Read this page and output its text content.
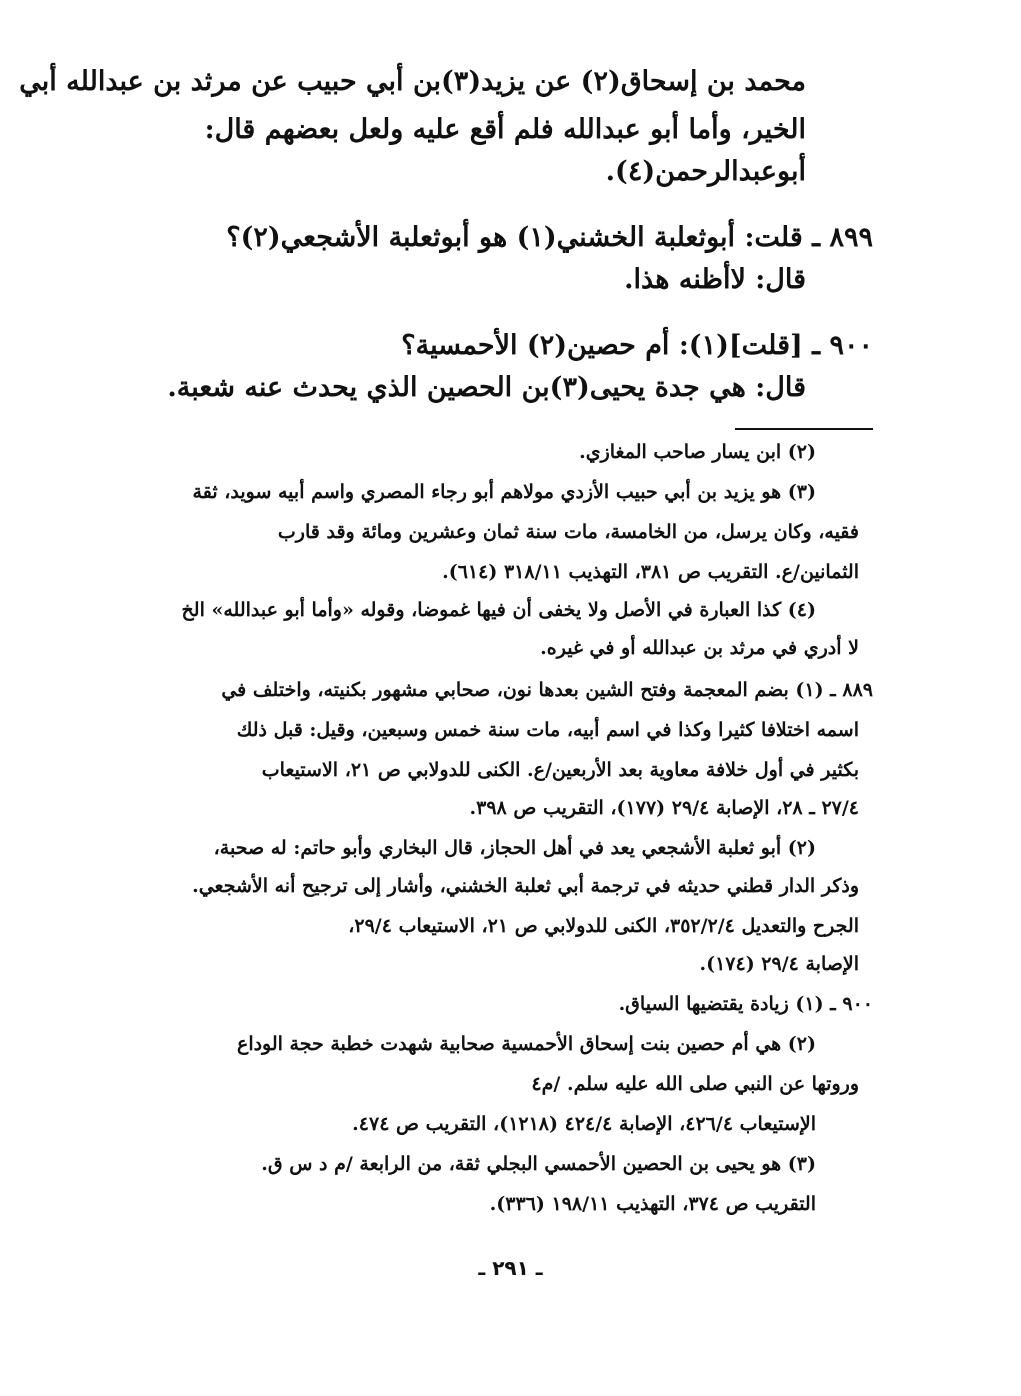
محمد بن إسحاق(٢) عن يزيد(٣)بن أبي حبيب عن مرثد بن عبدالله أبي
الخير، وأما أبو عبدالله فلم أقع عليه ولعل بعضهم قال:
أبوعبدالرحمن(٤).
٨٩٩ ـ قلت: أبوثعلبة الخشني(١) هو أبوثعلبة الأشجعي(٢)؟
قال: لاأظنه هذا.
٩٠٠ ـ [قلت](١): أم حصين(٢) الأحمسية؟
قال: هي جدة يحيى(٣)بن الحصين الذي يحدث عنه شعبة.
(٢) ابن يسار صاحب المغازي.
(٣) هو يزيد بن أبي حبيب الأزدي مولاهم أبو رجاء المصري واسم أبيه سويد، ثقة
فقيه، وكان يرسل، من الخامسة، مات سنة ثمان وعشرين ومائة وقد قارب
الثمانين/ع. التقريب ص ٣٨١، التهذيب ٣١٨/١١ (٦١٤).
(٤) كذا العبارة في الأصل ولا يخفى أن فيها غموضا، وقوله «وأما أبو عبدالله» الخ
لا أدري في مرثد بن عبدالله أو في غيره.
٨٨٩ ـ (١) بضم المعجمة وفتح الشين بعدها نون، صحابي مشهور بكنيته، واختلف في
اسمه اختلافا كثيرا وكذا في اسم أبيه، مات سنة خمس وسبعين، وقيل: قبل ذلك
بكثير في أول خلافة معاوية بعد الأربعين/ع. الكنى للدولابي ص ٢١، الاستيعاب
٢٧/٤ ـ ٢٨، الإصابة ٢٩/٤ (١٧٧)، التقريب ص ٣٩٨.
(٢) أبو ثعلبة الأشجعي يعد في أهل الحجاز، قال البخاري وأبو حاتم: له صحبة،
وذكر الدار قطني حديثه في ترجمة أبي ثعلبة الخشني، وأشار إلى ترجيح أنه الأشجعي.
الجرح والتعديل ٣٥٢/٢/٤، الكنى للدولابي ص ٢١، الاستيعاب ٢٩/٤،
الإصابة ٢٩/٤ (١٧٤).
٩٠٠ ـ (١) زيادة يقتضيها السياق.
(٢) هي أم حصين بنت إسحاق الأحمسية صحابية شهدت خطبة حجة الوداع
وروتها عن النبي صلى الله عليه سلم. /م٤
الإستيعاب ٤٢٦/٤، الإصابة ٤٢٤/٤ (١٢١٨)، التقريب ص ٤٧٤.
(٣) هو يحيى بن الحصين الأحمسي البجلي ثقة، من الرابعة /م د س ق.
التقريب ص ٣٧٤، التهذيب ١٩٨/١١ (٣٣٦).
ـ ٢٩١ ـ
